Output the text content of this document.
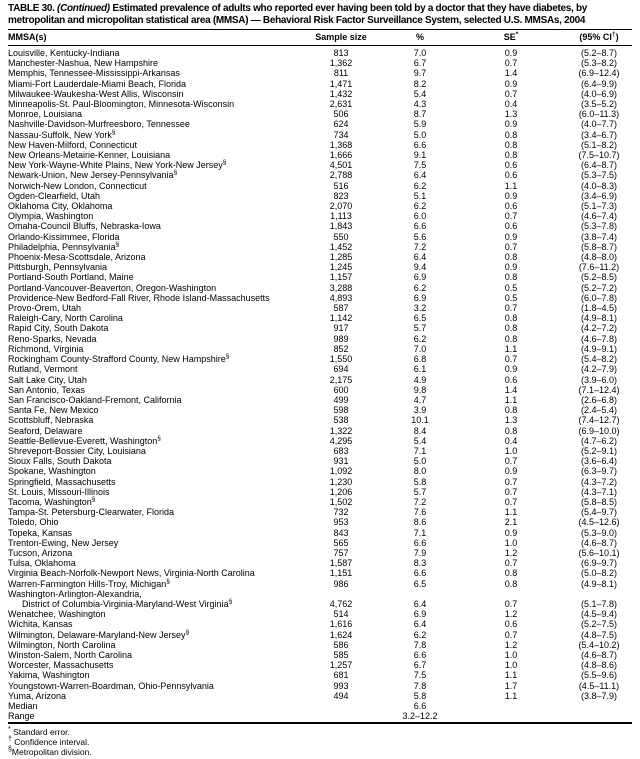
TABLE 30. (Continued) Estimated prevalence of adults who reported ever having been told by a doctor that they have diabetes, by
metropolitan and micropolitan statistical area (MMSA) — Behavioral Risk Factor Surveillance System, selected U.S. MMSAs, 2004
MMSA(s)	Sample size	%	SE*	(95% CI†)
Louisville, Kentucky-Indiana	813	7.0	0.9	(5.2–8.7)
Manchester-Nashua, New Hampshire	1,362	6.7	0.7	(5.3–8.2)
Memphis, Tennessee-Mississippi-Arkansas	811	9.7	1.4	(6.9–12.4)
Miami-Fort Lauderdale-Miami Beach, Florida	1,471	8.2	0.9	(6.4–9.9)
Milwaukee-Waukesha-West Allis, Wisconsin	1,432	5.4	0.7	(4.0–6.9)
Minneapolis-St. Paul-Bloomington, Minnesota-Wisconsin	2,631	4.3	0.4	(3.5–5.2)
Monroe, Louisiana	506	8.7	1.3	(6.0–11.3)
Nashville-Davidson-Murfreesboro, Tennessee	624	5.9	0.9	(4.0–7.7)
Nassau-Suffolk, New York§	734	5.0	0.8	(3.4–6.7)
New Haven-Milford, Connecticut	1,368	6.6	0.8	(5.1–8.2)
New Orleans-Metairie-Kenner, Louisiana	1,666	9.1	0.8	(7.5–10.7)
New York-Wayne-White Plains, New York-New Jersey§	4,501	7.5	0.6	(6.4–8.7)
Newark-Union, New Jersey-Pennsylvania§	2,788	6.4	0.6	(5.3–7.5)
Norwich-New London, Connecticut	516	6.2	1.1	(4.0–8.3)
Ogden-Clearfield, Utah	823	5.1	0.9	(3.4–6.9)
Oklahoma City, Oklahoma	2,070	6.2	0.6	(5.1–7.3)
Olympia, Washington	1,113	6.0	0.7	(4.6–7.4)
Omaha-Council Bluffs, Nebraska-Iowa	1,843	6.6	0.6	(5.3–7.8)
Orlando-Kissimmee, Florida	550	5.6	0.9	(3.8–7.4)
Philadelphia, Pennsylvania§	1,452	7.2	0.7	(5.8–8.7)
Phoenix-Mesa-Scottsdale, Arizona	1,285	6.4	0.8	(4.8–8.0)
Pittsburgh, Pennsylvania	1,245	9.4	0.9	(7.6–11.2)
Portland-South Portland, Maine	1,157	6.9	0.8	(5.2–8.5)
Portland-Vancouver-Beaverton, Oregon-Washington	3,288	6.2	0.5	(5.2–7.2)
Providence-New Bedford-Fall River, Rhode Island-Massachusetts	4,893	6.9	0.5	(6.0–7.8)
Provo-Orem, Utah	587	3.2	0.7	(1.8–4.5)
Raleigh-Cary, North Carolina	1,142	6.5	0.8	(4.9–8.1)
Rapid City, South Dakota	917	5.7	0.8	(4.2–7.2)
Reno-Sparks, Nevada	989	6.2	0.8	(4.6–7.8)
Richmond, Virginia	852	7.0	1.1	(4.9–9.1)
Rockingham County-Strafford County, New Hampshire§	1,550	6.8	0.7	(5.4–8.2)
Rutland, Vermont	694	6.1	0.9	(4.2–7.9)
Salt Lake City, Utah	2,175	4.9	0.6	(3.9–6.0)
San Antonio, Texas	600	9.8	1.4	(7.1–12.4)
San Francisco-Oakland-Fremont, California	499	4.7	1.1	(2.6–6.8)
Santa Fe, New Mexico	598	3.9	0.8	(2.4–5.4)
Scottsbluff, Nebraska	538	10.1	1.3	(7.4–12.7)
Seaford, Delaware	1,322	8.4	0.8	(6.9–10.0)
Seattle-Bellevue-Everett, Washington§	4,295	5.4	0.4	(4.7–6.2)
Shreveport-Bossier City, Louisiana	683	7.1	1.0	(5.2–9.1)
Sioux Falls, South Dakota	931	5.0	0.7	(3.6–6.4)
Spokane, Washington	1,092	8.0	0.9	(6.3–9.7)
Springfield, Massachusetts	1,230	5.8	0.7	(4.3–7.2)
St. Louis, Missouri-Illinois	1,206	5.7	0.7	(4.3–7.1)
Tacoma, Washington§	1,502	7.2	0.7	(5.8–8.5)
Tampa-St. Petersburg-Clearwater, Florida	732	7.6	1.1	(5.4–9.7)
Toledo, Ohio	953	8.6	2.1	(4.5–12.6)
Topeka, Kansas	843	7.1	0.9	(5.3–9.0)
Trenton-Ewing, New Jersey	565	6.6	1.0	(4.6–8.7)
Tucson, Arizona	757	7.9	1.2	(5.6–10.1)
Tulsa, Oklahoma	1,587	8.3	0.7	(6.9–9.7)
Virginia Beach-Norfolk-Newport News, Virginia-North Carolina	1,151	6.6	0.8	(5.0–8.2)
Warren-Farmington Hills-Troy, Michigan§	986	6.5	0.8	(4.9–8.1)
Washington-Arlington-Alexandria,				
District of Columbia-Virginia-Maryland-West Virginia§	4,762	6.4	0.7	(5.1–7.8)
Wenatchee, Washington	514	6.9	1.2	(4.5–9.4)
Wichita, Kansas	1,616	6.4	0.6	(5.2–7.5)
Wilmington, Delaware-Maryland-New Jersey§	1,624	6.2	0.7	(4.8–7.5)
Wilmington, North Carolina	586	7.8	1.2	(5.4–10.2)
Winston-Salem, North Carolina	585	6.6	1.0	(4.6–8.7)
Worcester, Massachusetts	1,257	6.7	1.0	(4.8–8.6)
Yakima, Washington	681	7.5	1.1	(5.5–9.6)
Youngstown-Warren-Boardman, Ohio-Pennsylvania	993	7.8	1.7	(4.5–11.1)
Yuma, Arizona	494	5.8	1.1	(3.8–7.9)
Median		6.6		
Range		3.2–12.2		
* Standard error.
† Confidence interval.
§Metropolitan division.
